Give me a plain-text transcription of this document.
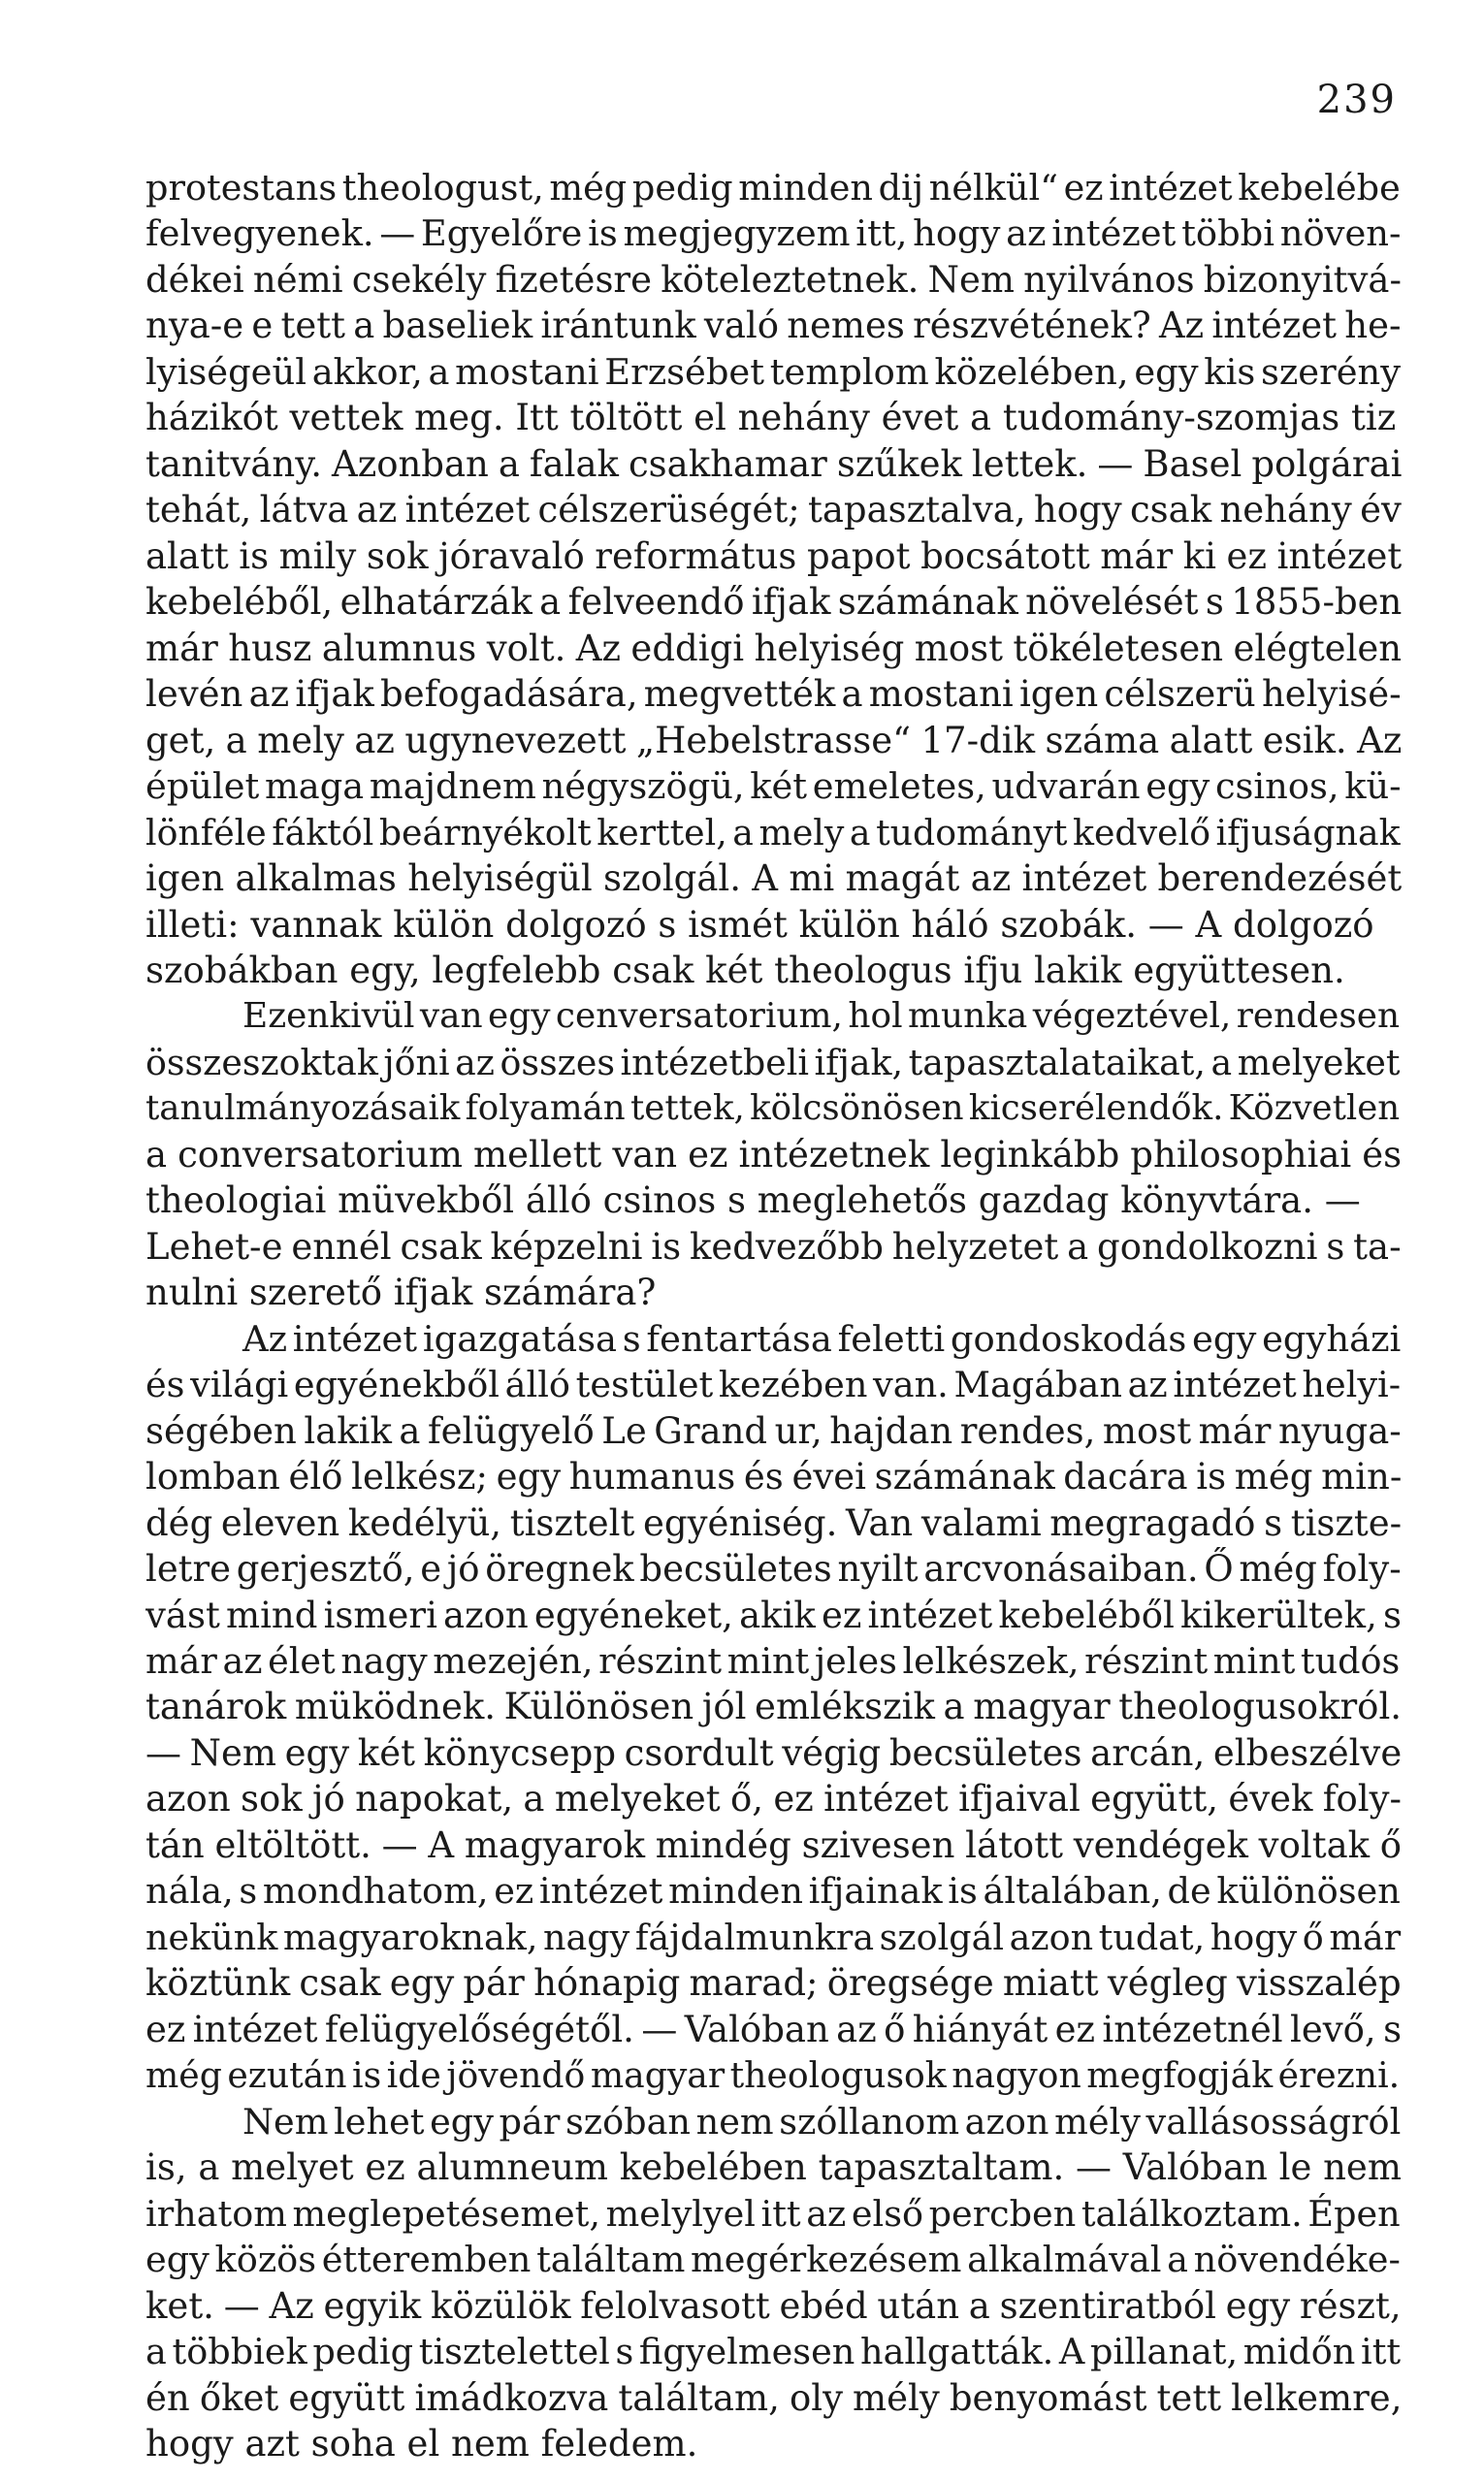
239
protestans theologust, még pedig minden dij nélkül“ ez intézet kebelébe
felvegyenek. — Egyelőre is megjegyzem itt, hogy az intézet többi növen-
dékei némi csekély fizetésre köteleztetnek. Nem nyilvános bizonyitvá-
nya-e e tett a baseliek irántunk való nemes részvétének? Az intézet he-
lyiségeül akkor, a mostani Erzsébet templom közelében, egy kis szerény
házikót vettek meg. Itt töltött el nehány évet a tudomány-szomjas tiz
tanitvány. Azonban a falak csakhamar szűkek lettek. — Basel polgárai
tehát, látva az intézet célszerüségét; tapasztalva, hogy csak nehány év
alatt is mily sok jóravaló református papot bocsátott már ki ez intézet
kebeléből, elhatárzák a felveendő ifjak számának növelését s 1855-ben
már husz alumnus volt. Az eddigi helyiség most tökéletesen elégtelen
levén az ifjak befogadására, megvették a mostani igen célszerü helyisé-
get, a mely az ugynevezett „Hebelstrasse“ 17-dik száma alatt esik. Az
épület maga majdnem négyszögü, két emeletes, udvarán egy csinos, kü-
lönféle fáktól beárnyékolt kerttel, a mely a tudományt kedvelő ifjuságnak
igen alkalmas helyiségül szolgál. A mi magát az intézet berendezését
illeti: vannak külön dolgozó s ismét külön háló szobák. — A dolgozó
szobákban egy, legfelebb csak két theologus ifju lakik együttesen.
Ezenkivül van egy cenversatorium, hol munka végeztével, rendesen
összeszoktak jőni az összes intézetbeli ifjak, tapasztalataikat, a melyeket
tanulmányozásaik folyamán tettek, kölcsönösen kicserélendők. Közvetlen
a conversatorium mellett van ez intézetnek leginkább philosophiai és
theologiai müvekből álló csinos s meglehetős gazdag könyvtára. —
Lehet-e ennél csak képzelni is kedvezőbb helyzetet a gondolkozni s ta-
nulni szerető ifjak számára?
Az intézet igazgatása s fentartása feletti gondoskodás egy egyházi
és világi egyénekből álló testület kezében van. Magában az intézet helyi-
ségében lakik a felügyelő Le Grand ur, hajdan rendes, most már nyuga-
lomban élő lelkész; egy humanus és évei számának dacára is még min-
dég eleven kedélyü, tisztelt egyéniség. Van valami megragadó s tiszte-
letre gerjesztő, e jó öregnek becsületes nyilt arcvonásaiban. Ő még foly-
vást mind ismeri azon egyéneket, akik ez intézet kebeléből kikerültek, s
már az élet nagy mezején, részint mint jeles lelkészek, részint mint tudós
tanárok müködnek. Különösen jól emlékszik a magyar theologusokról.
— Nem egy két könycsepp csordult végig becsületes arcán, elbeszélve
azon sok jó napokat, a melyeket ő, ez intézet ifjaival együtt, évek foly-
tán eltöltött. — A magyarok mindég szivesen látott vendégek voltak ő
nála, s mondhatom, ez intézet minden ifjainak is általában, de különösen
nekünk magyaroknak, nagy fájdalmunkra szolgál azon tudat, hogy ő már
köztünk csak egy pár hónapig marad; öregsége miatt végleg visszalép
ez intézet felügyelőségétől. — Valóban az ő hiányát ez intézetnél levő, s
még ezután is ide jövendő magyar theologusok nagyon megfogják érezni.
Nem lehet egy pár szóban nem szóllanom azon mély vallásosságról
is, a melyet ez alumneum kebelében tapasztaltam. — Valóban le nem
irhatom meglepetésemet, melylyel itt az első percben találkoztam. Épen
egy közös étteremben találtam megérkezésem alkalmával a növendéke-
ket. — Az egyik közülök felolvasott ebéd után a szentiratból egy részt,
a többiek pedig tisztelettel s figyelmesen hallgatták. A pillanat, midőn itt
én őket együtt imádkozva találtam, oly mély benyomást tett lelkemre,
hogy azt soha el nem feledem.
